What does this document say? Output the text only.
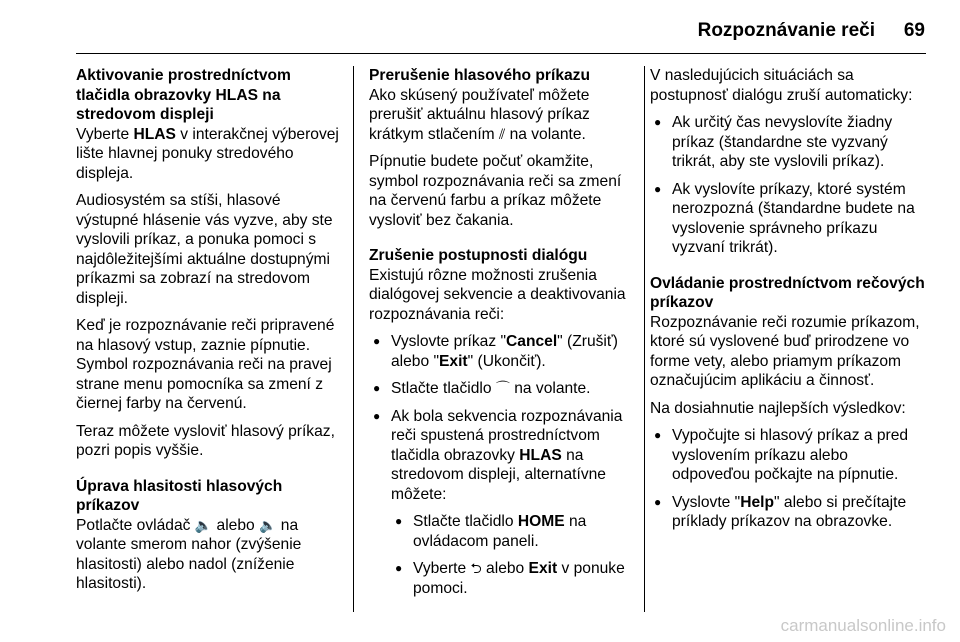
Rozpoznávanie reči 69
Aktivovanie prostredníctvom tlačidla obrazovky HLAS na stredovom displeji

Vyberte HLAS v interakčnej výberovej lište hlavnej ponuky stredového displeja.

Audiosystém sa stíši, hlasové výstupné hlásenie vás vyzve, aby ste vyslovili príkaz, a ponuka pomoci s najdôležitejšími aktuálne dostupnými príkazmi sa zobrazí na stredovom displeji.

Keď je rozpoznávanie reči pripravené na hlasový vstup, zaznie pípnutie. Symbol rozpoznávania reči na pravej strane menu pomocníka sa zmení z čiernej farby na červenú.

Teraz môžete vysloviť hlasový príkaz, pozri popis vyššie.

Úprava hlasitosti hlasových príkazov

Potlačte ovládač 🔈 alebo 🔈 na volante smerom nahor (zvýšenie hlasitosti) alebo nadol (zníženie hlasitosti).

Prerušenie hlasového príkazu

Ako skúsený používateľ môžete prerušiť aktuálnu hlasový príkaz krátkym stlačením ⫽ na volante.

Pípnutie budete počuť okamžite, symbol rozpoznávania reči sa zmení na červenú farbu a príkaz môžete vysloviť bez čakania.

Zrušenie postupnosti dialógu

Existujú rôzne možnosti zrušenia dialógovej sekvencie a deaktivovania rozpoznávania reči:

● Vyslovte príkaz "Cancel" (Zrušiť) alebo "Exit" (Ukončiť).
● Stlačte tlačidlo ⌒ na volante.
● Ak bola sekvencia rozpoznávania reči spustená prostredníctvom tlačidla obrazovky HLAS na stredovom displeji, alternatívne môžete:
● Stlačte tlačidlo HOME na ovládacom paneli.
● Vyberte ⮌ alebo Exit v ponuke pomoci.

V nasledujúcich situáciách sa postupnosť dialógu zruší automaticky:

● Ak určitý čas nevyslovíte žiadny príkaz (štandardne ste vyzvaný trikrát, aby ste vyslovili príkaz).
● Ak vyslovíte príkazy, ktoré systém nerozpozná (štandardne budete na vyslovenie správneho príkazu vyzvaní trikrát).
Ovládanie prostredníctvom rečových príkazov

Rozpoznávanie reči rozumie príkazom, ktoré sú vyslovené buď prirodzene vo forme vety, alebo priamym príkazom označujúcim aplikáciu a činnosť.

Na dosiahnutie najlepších výsledkov:

● Vypočujte si hlasový príkaz a pred vyslovením príkazu alebo odpoveďou počkajte na pípnutie.
● Vyslovte "Help" alebo si prečítajte príklady príkazov na obrazovke.
carmanualsonline.info
